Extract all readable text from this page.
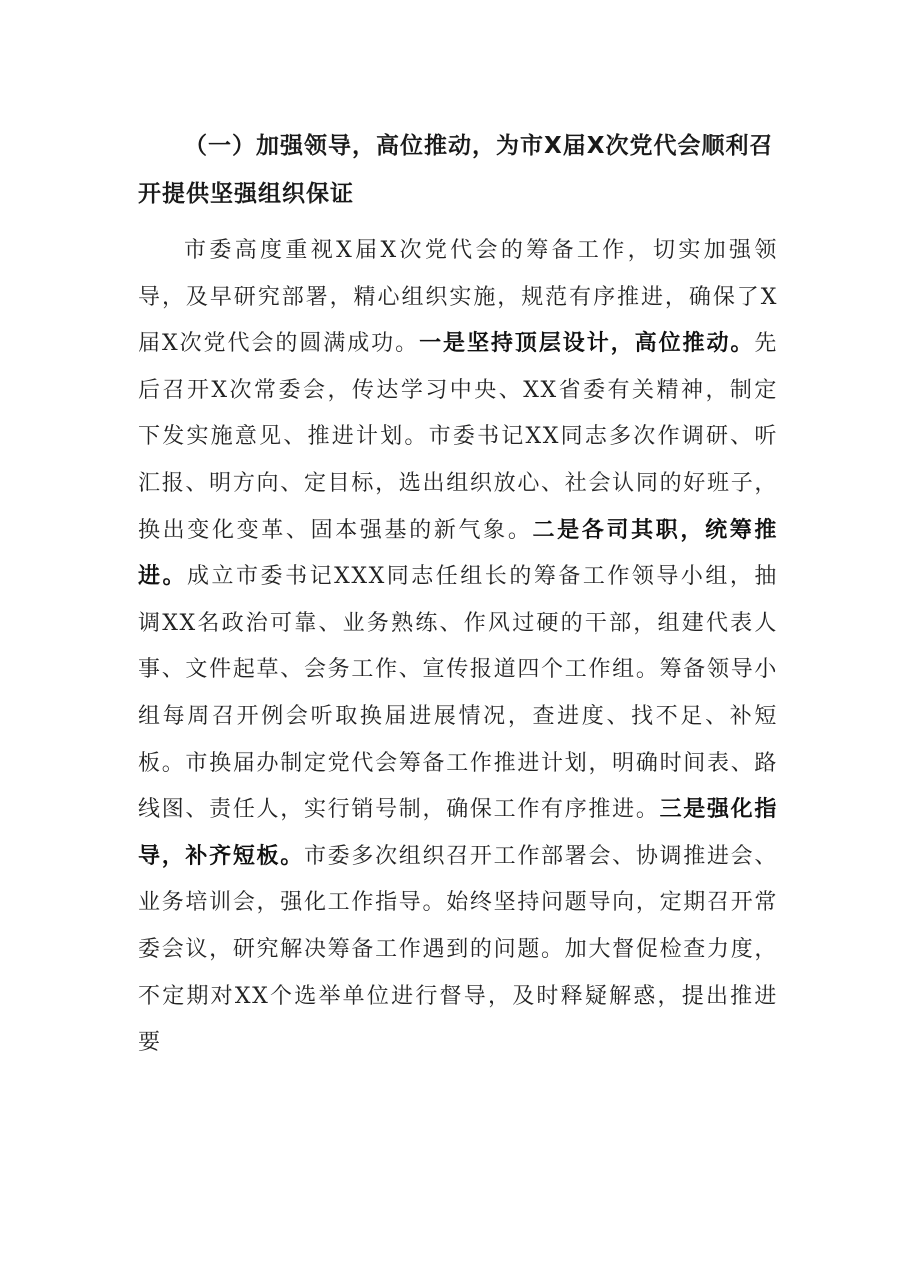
（一）加强领导，高位推动，为市X届X次党代会顺利召开提供坚强组织保证

市委高度重视X届X次党代会的筹备工作，切实加强领导，及早研究部署，精心组织实施，规范有序推进，确保了X届X次党代会的圆满成功。一是坚持顶层设计，高位推动。先后召开X次常委会，传达学习中央、XX省委有关精神，制定下发实施意见、推进计划。市委书记XX同志多次作调研、听汇报、明方向、定目标，选出组织放心、社会认同的好班子，换出变化变革、固本强基的新气象。二是各司其职，统筹推进。成立市委书记XXX同志任组长的筹备工作领导小组，抽调XX名政治可靠、业务熟练、作风过硬的干部，组建代表人事、文件起草、会务工作、宣传报道四个工作组。筹备领导小组每周召开例会听取换届进展情况，查进度、找不足、补短板。市换届办制定党代会筹备工作推进计划，明确时间表、路线图、责任人，实行销号制，确保工作有序推进。三是强化指导，补齐短板。市委多次组织召开工作部署会、协调推进会、业务培训会，强化工作指导。始终坚持问题导向，定期召开常委会议，研究解决筹备工作遇到的问题。加大督促检查力度，不定期对XX个选举单位进行督导，及时释疑解惑，提出推进要
